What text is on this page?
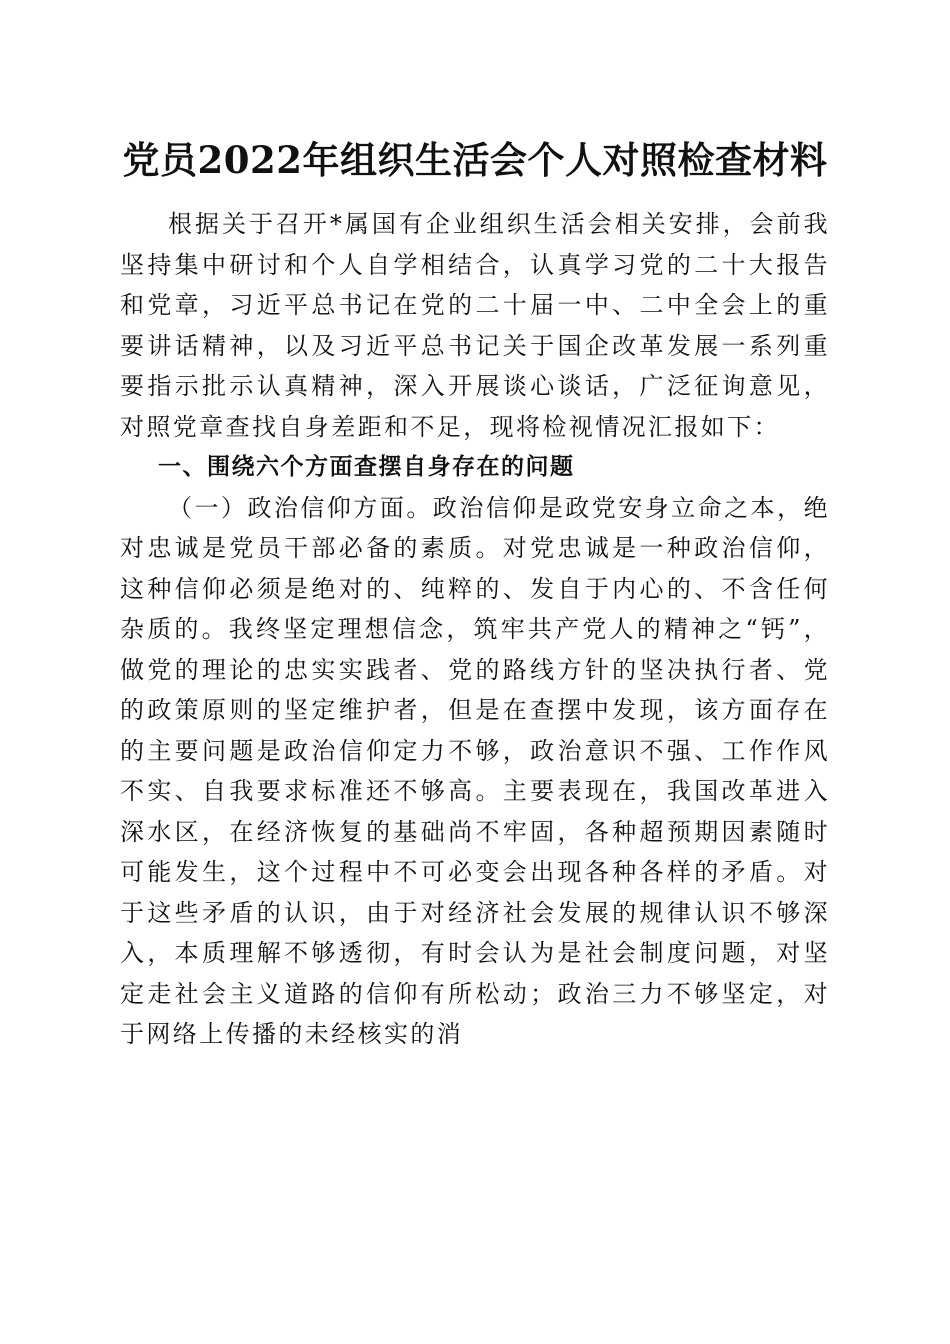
党员2022年组织生活会个人对照检查材料

根据关于召开*属国有企业组织生活会相关安排，会前我坚持集中研讨和个人自学相结合，认真学习党的二十大报告和党章，习近平总书记在党的二十届一中、二中全会上的重要讲话精神，以及习近平总书记关于国企改革发展一系列重要指示批示认真精神，深入开展谈心谈话，广泛征询意见，对照党章查找自身差距和不足，现将检视情况汇报如下：

一、围绕六个方面查摆自身存在的问题

（一）政治信仰方面。政治信仰是政党安身立命之本，绝对忠诚是党员干部必备的素质。对党忠诚是一种政治信仰，这种信仰必须是绝对的、纯粹的、发自于内心的、不含任何杂质的。我终坚定理想信念，筑牢共产党人的精神之“钙”，做党的理论的忠实实践者、党的路线方针的坚决执行者、党的政策原则的坚定维护者，但是在查摆中发现，该方面存在的主要问题是政治信仰定力不够，政治意识不强、工作作风不实、自我要求标准还不够高。主要表现在，我国改革进入深水区，在经济恢复的基础尚不牢固，各种超预期因素随时可能发生，这个过程中不可必变会出现各种各样的矛盾。对于这些矛盾的认识，由于对经济社会发展的规律认识不够深入，本质理解不够透彻，有时会认为是社会制度问题，对坚定走社会主义道路的信仰有所松动；政治三力不够坚定，对于网络上传播的未经核实的消
